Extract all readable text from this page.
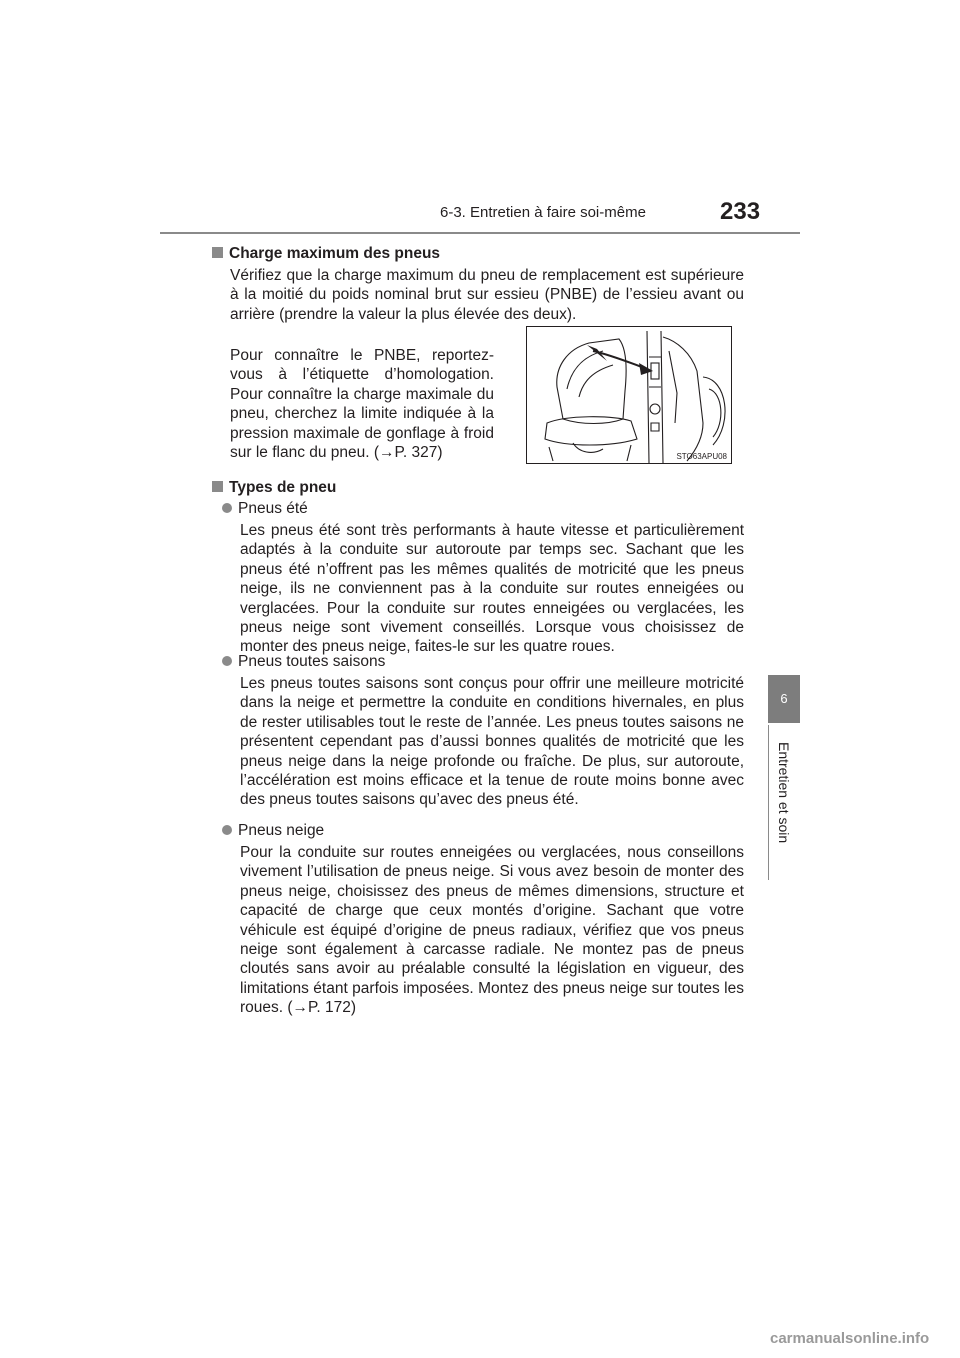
6-3. Entretien à faire soi-même	233
6
Entretien et soin
Charge maximum des pneus
Vérifiez que la charge maximum du pneu de remplacement est supérieure à la moitié du poids nominal brut sur essieu (PNBE) de l’essieu avant ou arrière (prendre la valeur la plus élevée des deux).
Pour connaître le PNBE, reportez-vous à l’étiquette d’homologation. Pour connaître la charge maximale du pneu, cherchez la limite indiquée à la pression maximale de gonflage à froid sur le flanc du pneu. (→P. 327)	STO63APU08
Types de pneu
Pneus été
Les pneus été sont très performants à haute vitesse et particulièrement adaptés à la conduite sur autoroute par temps sec. Sachant que les pneus été n’offrent pas les mêmes qualités de motricité que les pneus neige, ils ne conviennent pas à la conduite sur routes enneigées ou verglacées. Pour la conduite sur routes enneigées ou verglacées, les pneus neige sont vivement conseillés. Lorsque vous choisissez de monter des pneus neige, faites-le sur les quatre roues.
Pneus toutes saisons
Les pneus toutes saisons sont conçus pour offrir une meilleure motricité dans la neige et permettre la conduite en conditions hivernales, en plus de rester utilisables tout le reste de l’année. Les pneus toutes saisons ne présentent cependant pas d’aussi bonnes qualités de motricité que les pneus neige dans la neige profonde ou fraîche. De plus, sur autoroute, l’accélération est moins efficace et la tenue de route moins bonne avec des pneus toutes saisons qu’avec des pneus été.
Pneus neige
Pour la conduite sur routes enneigées ou verglacées, nous conseillons vivement l’utilisation de pneus neige. Si vous avez besoin de monter des pneus neige, choisissez des pneus de mêmes dimensions, structure et capacité de charge que ceux montés d’origine. Sachant que votre véhicule est équipé d’origine de pneus radiaux, vérifiez que vos pneus neige sont également à carcasse radiale. Ne montez pas de pneus cloutés sans avoir au préalable consulté la législation en vigueur, des limitations étant parfois imposées. Montez des pneus neige sur toutes les roues. (→P. 172)
carmanualsonline.info
